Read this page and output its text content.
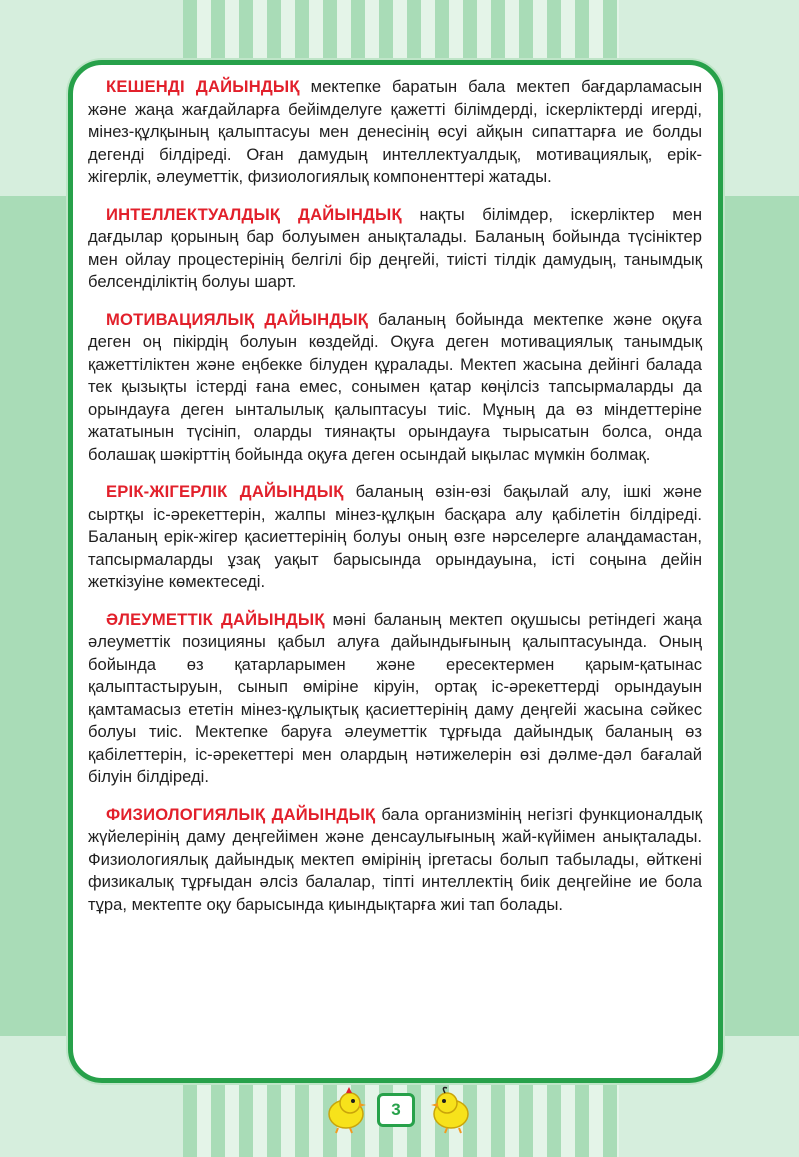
КЕШЕНДІ ДАЙЫНДЫҚ мектепке баратын бала мектеп бағдарламасын және жаңа жағдайларға бейімделуге қажетті білімдерді, іскерліктерді игерді, мінез-құлқының қалыптасуы мен денесінің өсуі айқын сипаттарға ие болды дегенді білдіреді. Оған дамудың интеллектуалдық, мотивациялық, ерік-жігерлік, әлеуметтік, физиологиялық компоненттері жатады.

ИНТЕЛЛЕКТУАЛДЫҚ ДАЙЫНДЫҚ нақты білімдер, іскерліктер мен дағдылар қорының бар болуымен анықталады. Баланың бойында түсініктер мен ойлау процестерінің белгілі бір деңгейі, тиісті тілдік дамудың, танымдық белсенділіктің болуы шарт.

МОТИВАЦИЯЛЫҚ ДАЙЫНДЫҚ баланың бойында мектепке және оқуға деген оң пікірдің болуын көздейді. Оқуға деген мотивациялық танымдық қажеттіліктен және еңбекке білуден құралады. Мектеп жасына дейінгі балада тек қызықты істерді ғана емес, сонымен қатар көңілсіз тапсырмаларды да орындауға деген ынталылық қалыптасуы тиіс. Мұның да өз міндеттеріне жататынын түсініп, оларды тиянақты орындауға тырысатын болса, онда болашақ шәкірттің бойында оқуға деген осындай ықылас мүмкін болмақ.

ЕРІК-ЖІГЕРЛІК ДАЙЫНДЫҚ баланың өзін-өзі бақылай алу, ішкі және сыртқы іс-әрекеттерін, жалпы мінез-құлқын басқара алу қабілетін білдіреді. Баланың ерік-жігер қасиеттерінің болуы оның өзге нәрселерге алаңдамастан, тапсырмаларды ұзақ уақыт барысында орындауына, істі соңына дейін жеткізуіне көмектеседі.

ӘЛЕУМЕТТІК ДАЙЫНДЫҚ мәні баланың мектеп оқушысы ретіндегі жаңа әлеуметтік позицияны қабыл алуға дайындығының қалыптасуында. Оның бойында өз қатарларымен және ересектермен қарым-қатынас қалыптастыруын, сынып өміріне кіруін, ортақ іс-әрекеттерді орындауын қамтамасыз ететін мінез-құлықтық қасиеттерінің даму деңгейі жасына сәйкес болуы тиіс. Мектепке баруға әлеуметтік тұрғыда дайындық баланың өз қабілеттерін, іс-әрекеттері мен олардың нәтижелерін өзі дәлме-дәл бағалай білуін білдіреді.

ФИЗИОЛОГИЯЛЫҚ ДАЙЫНДЫҚ бала организмінің негізгі функционалдық жүйелерінің даму деңгейімен және денсаулығының жай-күйімен анықталады. Физиологиялық дайындық мектеп өмірінің іргетасы болып табылады, өйткені физикалық тұрғыдан әлсіз балалар, тіпті интеллектің биік деңгейіне ие бола тұра, мектепте оқу барысында қиындықтарға жиі тап болады.

3
